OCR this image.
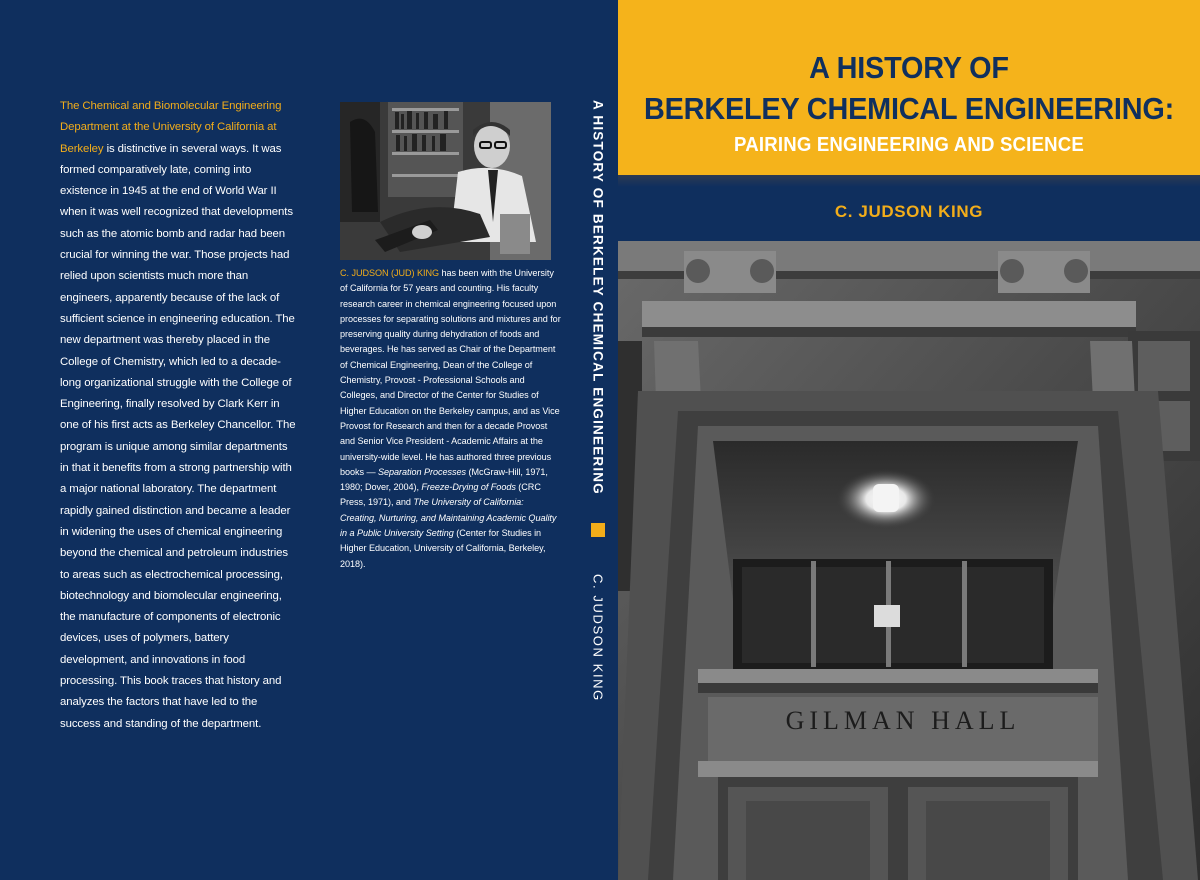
The Chemical and Biomolecular Engineering Department at the University of California at Berkeley is distinctive in several ways. It was formed comparatively late, coming into existence in 1945 at the end of World War II when it was well recognized that developments such as the atomic bomb and radar had been crucial for winning the war. Those projects had relied upon scientists much more than engineers, apparently because of the lack of sufficient science in engineering education. The new department was thereby placed in the College of Chemistry, which led to a decade-long organizational struggle with the College of Engineering, finally resolved by Clark Kerr in one of his first acts as Berkeley Chancellor. The program is unique among similar departments in that it benefits from a strong partnership with a major national laboratory. The department rapidly gained distinction and became a leader in widening the uses of chemical engineering beyond the chemical and petroleum industries to areas such as electrochemical processing, biotechnology and biomolecular engineering, the manufacture of components of electronic devices, uses of polymers, battery development, and innovations in food processing. This book traces that history and analyzes the factors that have led to the success and standing of the department.
C. JUDSON (JUD) KING has been with the University of California for 57 years and counting. His faculty research career in chemical engineering focused upon processes for separating solutions and mixtures and for preserving quality during dehydration of foods and beverages. He has served as Chair of the Department of Chemical Engineering, Dean of the College of Chemistry, Provost - Professional Schools and Colleges, and Director of the Center for Studies of Higher Education on the Berkeley campus, and as Vice Provost for Research and then for a decade Provost and Senior Vice President - Academic Affairs at the university-wide level. He has authored three previous books — Separation Processes (McGraw-Hill, 1971, 1980; Dover, 2004), Freeze-Drying of Foods (CRC Press, 1971), and The University of California: Creating, Nurturing, and Maintaining Academic Quality in a Public University Setting (Center for Studies in Higher Education, University of California, Berkeley, 2018).
A HISTORY OF BERKELEY CHEMICAL ENGINEERING
C. JUDSON KING
A HISTORY OF
BERKELEY CHEMICAL ENGINEERING:
PAIRING ENGINEERING AND SCIENCE
C. JUDSON KING
GILMAN HALL
